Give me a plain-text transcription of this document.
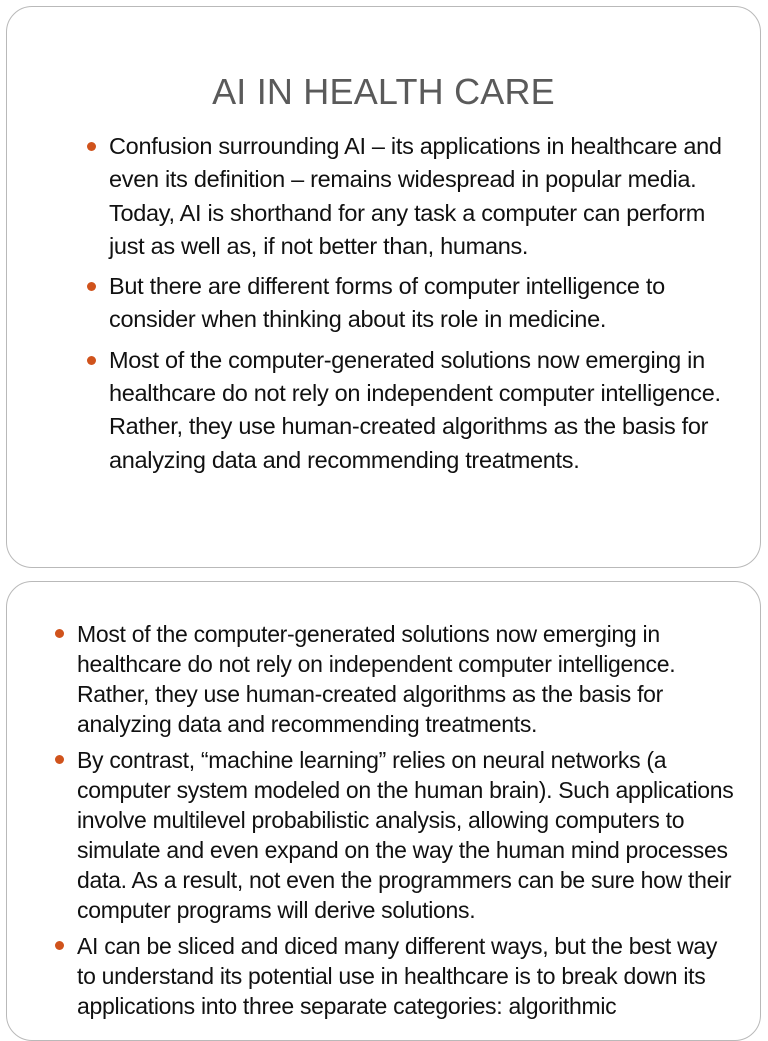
AI IN HEALTH CARE
Confusion surrounding AI – its applications in healthcare and even its definition – remains widespread in popular media. Today, AI is shorthand for any task a computer can perform just as well as, if not better than, humans.
But there are different forms of computer intelligence to consider when thinking about its role in medicine.
Most of the computer-generated solutions now emerging in healthcare do not rely on independent computer intelligence. Rather, they use human-created algorithms as the basis for analyzing data and recommending treatments.
Most of the computer-generated solutions now emerging in healthcare do not rely on independent computer intelligence. Rather, they use human-created algorithms as the basis for analyzing data and recommending treatments.
By contrast, “machine learning” relies on neural networks (a computer system modeled on the human brain). Such applications involve multilevel probabilistic analysis, allowing computers to simulate and even expand on the way the human mind processes data. As a result, not even the programmers can be sure how their computer programs will derive solutions.
AI can be sliced and diced many different ways, but the best way to understand its potential use in healthcare is to break down its applications into three separate categories: algorithmic
